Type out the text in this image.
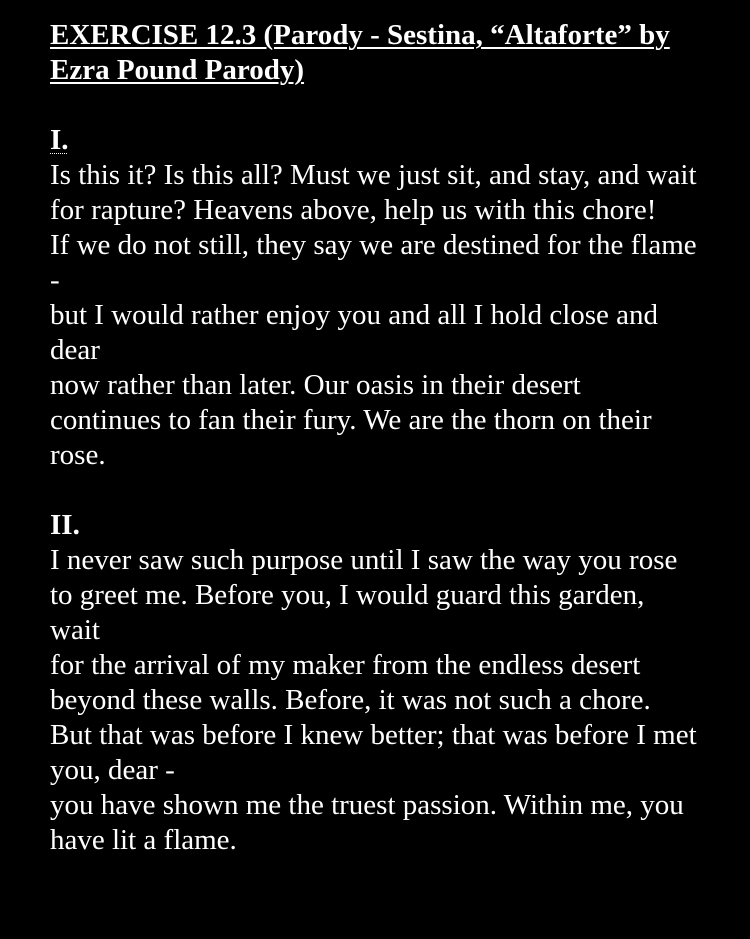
EXERCISE 12.3 (Parody - Sestina, “Altaforte” by Ezra Pound Parody)
I.
Is this it? Is this all? Must we just sit, and stay, and wait
for rapture? Heavens above, help us with this chore!
If we do not still, they say we are destined for the flame -
but I would rather enjoy you and all I hold close and dear
now rather than later. Our oasis in their desert
continues to fan their fury. We are the thorn on their rose.
II.
I never saw such purpose until I saw the way you rose
to greet me. Before you, I would guard this garden, wait
for the arrival of my maker from the endless desert
beyond these walls. Before, it was not such a chore.
But that was before I knew better; that was before I met you, dear -
you have shown me the truest passion. Within me, you have lit a flame.
